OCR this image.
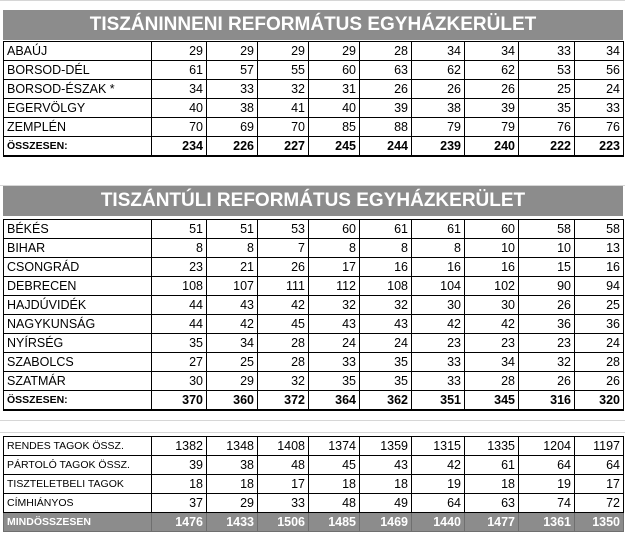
TISZÁNINNENI REFORMÁTUS EGYHÁZKERÜLET
ABAÚJ	29	29	29	29	28	34	34	33	34
BORSOD-DÉL	61	57	55	60	63	62	62	53	56
BORSOD-ÉSZAK *	34	33	32	31	26	26	26	25	24
EGERVÖLGY	40	38	41	40	39	38	39	35	33
ZEMPLÉN	70	69	70	85	88	79	79	76	76
ÖSSZESEN:	234	226	227	245	244	239	240	222	223
TISZÁNTÚLI REFORMÁTUS EGYHÁZKERÜLET
BÉKÉS	51	51	53	60	61	61	60	58	58
BIHAR	8	8	7	8	8	8	10	10	13
CSONGRÁD	23	21	26	17	16	16	16	15	16
DEBRECEN	108	107	111	112	108	104	102	90	94
HAJDÚVIDÉK	44	43	42	32	32	30	30	26	25
NAGYKUNSÁG	44	42	45	43	43	42	42	36	36
NYÍRSÉG	35	34	28	24	24	23	23	23	24
SZABOLCS	27	25	28	33	35	33	34	32	28
SZATMÁR	30	29	32	35	35	33	28	26	26
ÖSSZESEN:	370	360	372	364	362	351	345	316	320
RENDES TAGOK ÖSSZ.	1382	1348	1408	1374	1359	1315	1335	1204	1197
PÁRTOLÓ TAGOK ÖSSZ.	39	38	48	45	43	42	61	64	64
TISZTELETBELI TAGOK	18	18	17	18	18	19	18	19	17
CÍMHIÁNYOS	37	29	33	48	49	64	63	74	72
MINDÖSSZESEN	1476	1433	1506	1485	1469	1440	1477	1361	1350
